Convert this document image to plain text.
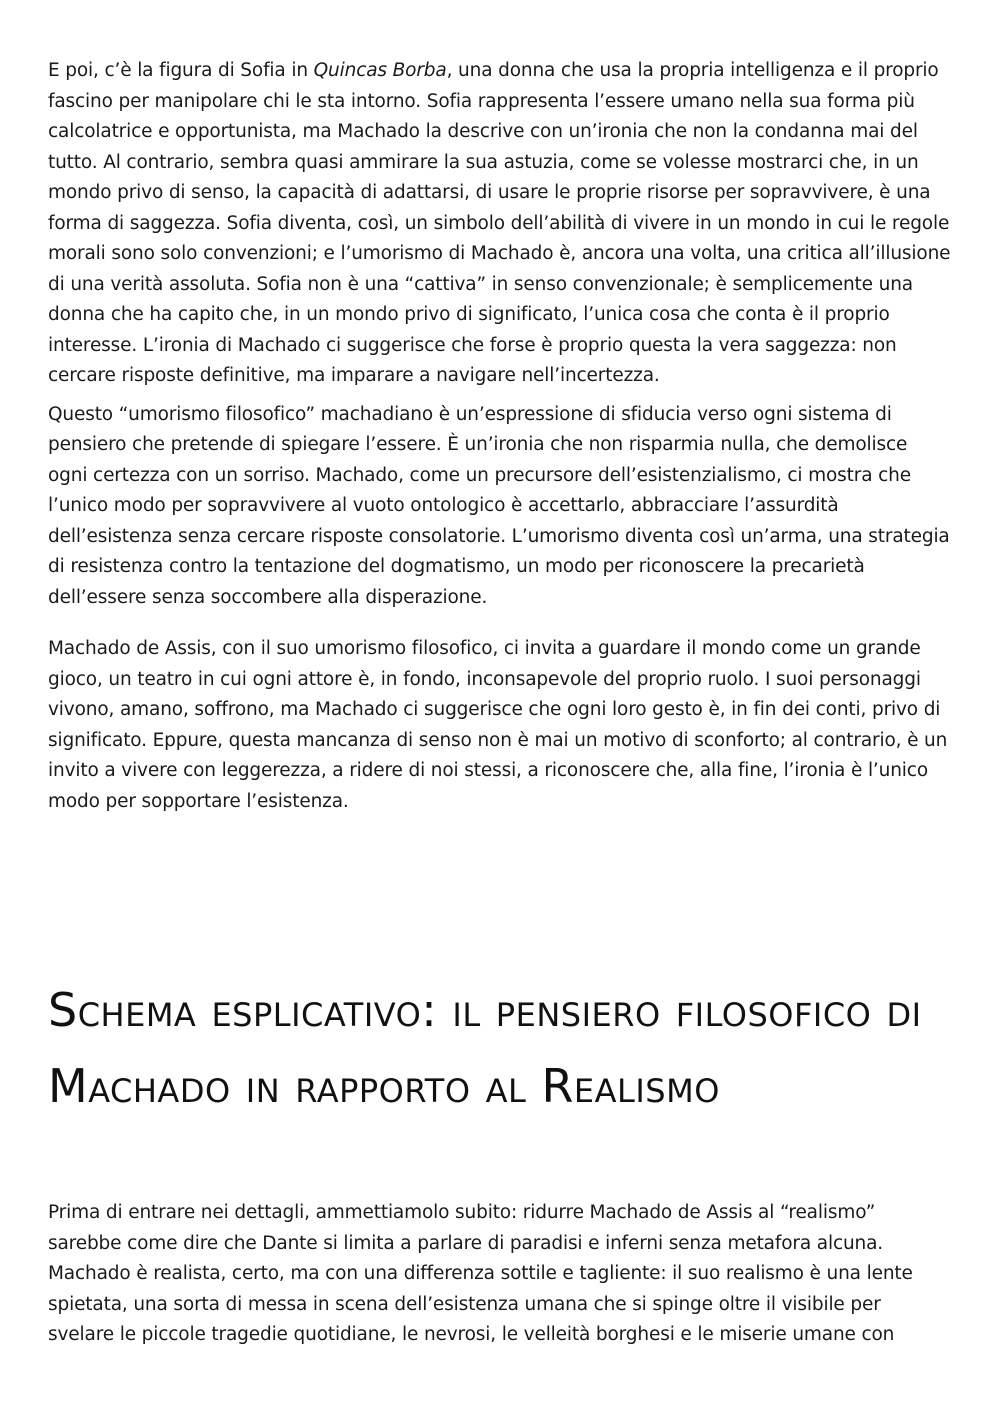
E poi, c’è la figura di Sofia in Quincas Borba, una donna che usa la propria intelligenza e il proprio fascino per manipolare chi le sta intorno. Sofia rappresenta l’essere umano nella sua forma più calcolatrice e opportunista, ma Machado la descrive con un’ironia che non la condanna mai del tutto. Al contrario, sembra quasi ammirare la sua astuzia, come se volesse mostrarci che, in un mondo privo di senso, la capacità di adattarsi, di usare le proprie risorse per sopravvivere, è una forma di saggezza. Sofia diventa, così, un simbolo dell’abilità di vivere in un mondo in cui le regole morali sono solo convenzioni; e l’umorismo di Machado è, ancora una volta, una critica all’illusione di una verità assoluta. Sofia non è una “cattiva” in senso convenzionale; è semplicemente una donna che ha capito che, in un mondo privo di significato, l’unica cosa che conta è il proprio interesse. L’ironia di Machado ci suggerisce che forse è proprio questa la vera saggezza: non cercare risposte definitive, ma imparare a navigare nell’incertezza.

Questo “umorismo filosofico” machadiano è un’espressione di sfiducia verso ogni sistema di pensiero che pretende di spiegare l’essere. È un’ironia che non risparmia nulla, che demolisce ogni certezza con un sorriso. Machado, come un precursore dell’esistenzialismo, ci mostra che l’unico modo per sopravvivere al vuoto ontologico è accettarlo, abbracciare l’assurdità dell’esistenza senza cercare risposte consolatorie. L’umorismo diventa così un’arma, una strategia di resistenza contro la tentazione del dogmatismo, un modo per riconoscere la precarietà dell’essere senza soccombere alla disperazione.

Machado de Assis, con il suo umorismo filosofico, ci invita a guardare il mondo come un grande gioco, un teatro in cui ogni attore è, in fondo, inconsapevole del proprio ruolo. I suoi personaggi vivono, amano, soffrono, ma Machado ci suggerisce che ogni loro gesto è, in fin dei conti, privo di significato. Eppure, questa mancanza di senso non è mai un motivo di sconforto; al contrario, è un invito a vivere con leggerezza, a ridere di noi stessi, a riconoscere che, alla fine, l’ironia è l’unico modo per sopportare l’esistenza.

Schema esplicativo: il pensiero filosofico di Machado in rapporto al Realismo

Prima di entrare nei dettagli, ammettiamolo subito: ridurre Machado de Assis al “realismo” sarebbe come dire che Dante si limita a parlare di paradisi e inferni senza metafora alcuna. Machado è realista, certo, ma con una differenza sottile e tagliente: il suo realismo è una lente spietata, una sorta di messa in scena dell’esistenza umana che si spinge oltre il visibile per svelare le piccole tragedie quotidiane, le nevrosi, le velleità borghesi e le miserie umane con
